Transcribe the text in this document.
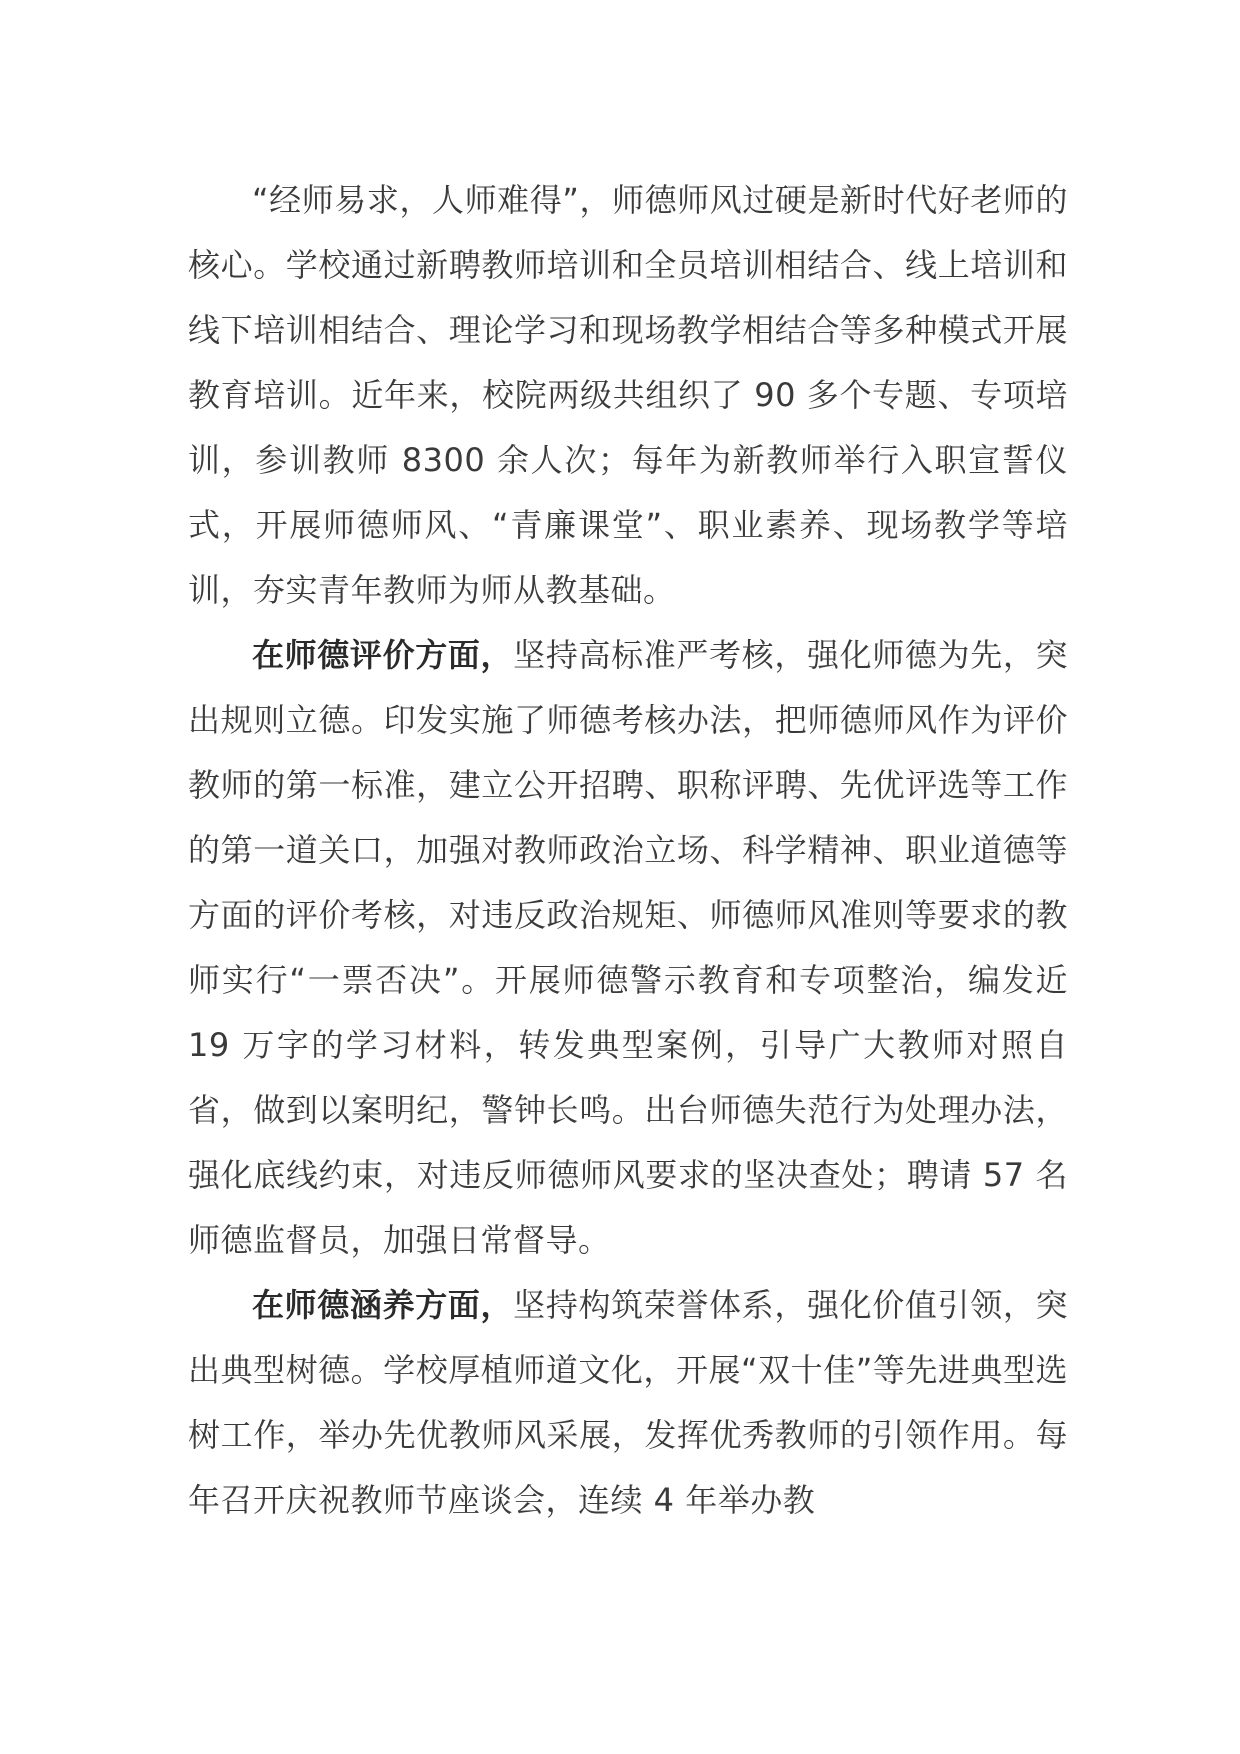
“经师易求，人师难得”，师德师风过硬是新时代好老师的核心。学校通过新聘教师培训和全员培训相结合、线上培训和线下培训相结合、理论学习和现场教学相结合等多种模式开展教育培训。近年来，校院两级共组织了 90 多个专题、专项培训，参训教师 8300 余人次；每年为新教师举行入职宣誓仪式，开展师德师风、“青廉课堂”、职业素养、现场教学等培训，夯实青年教师为师从教基础。

在师德评价方面，坚持高标准严考核，强化师德为先，突出规则立德。印发实施了师德考核办法，把师德师风作为评价教师的第一标准，建立公开招聘、职称评聘、先优评选等工作的第一道关口，加强对教师政治立场、科学精神、职业道德等方面的评价考核，对违反政治规矩、师德师风准则等要求的教师实行“一票否决”。开展师德警示教育和专项整治，编发近 19 万字的学习材料，转发典型案例，引导广大教师对照自省，做到以案明纪，警钟长鸣。出台师德失范行为处理办法，强化底线约束，对违反师德师风要求的坚决查处；聘请 57 名师德监督员，加强日常督导。

在师德涵养方面，坚持构筑荣誉体系，强化价值引领，突出典型树德。学校厚植师道文化，开展“双十佳”等先进典型选树工作，举办先优教师风采展，发挥优秀教师的引领作用。每年召开庆祝教师节座谈会，连续 4 年举办教
